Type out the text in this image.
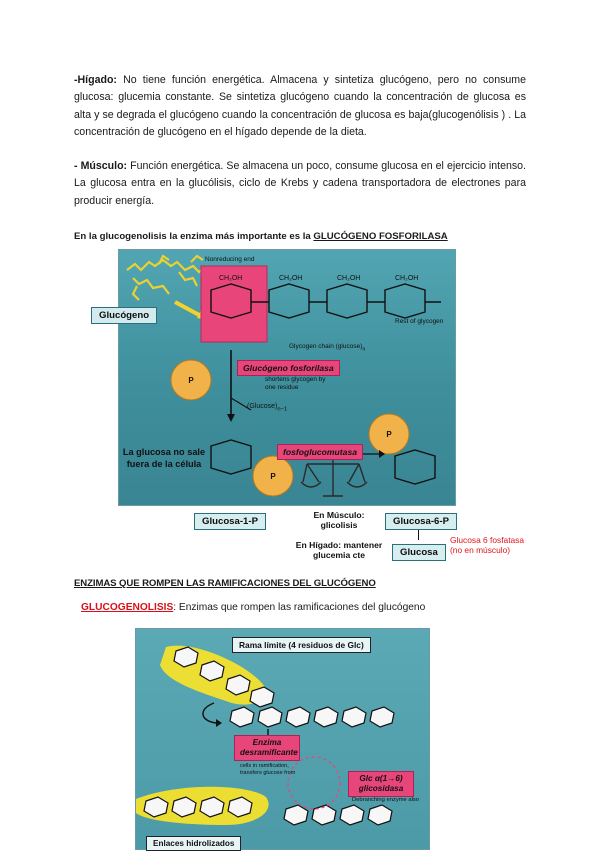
-Hígado: No tiene función energética. Almacena y sintetiza glucógeno, pero no consume glucosa: glucemia constante. Se sintetiza glucógeno cuando la concentración de glucosa es alta y se degrada el glucógeno cuando la concentración de glucosa es baja(glucogenólisis ) . La concentración de glucógeno en el hígado depende de la dieta.
- Músculo: Función energética. Se almacena un poco, consume glucosa en el ejercicio intenso. La glucosa entra en la glucólisis, ciclo de Krebs y cadena transportadora de electrones para producir energía.
En la glucogenolisis la enzima más importante es la GLUCÓGENO FOSFORILASA
CH₂OH	CH₂OH	CH₂OH	CH₂OH
P
P
P
Nonreducing end
Glucógeno
Rest of glycogen
Glycogen chain $(glucose)_n$
Glucógeno fosforilasa
shortens glycogen by one residue
$(Glucose)_{n-1}$
fosfoglucomutasa
La glucosa no sale fuera de la célula
Glucosa-1-P	Glucosa-6-P
En Músculo: glicolisis
En Hígado: mantener glucemia cte	Glucosa
Glucosa 6 fosfatasa
(no en músculo)
ENZIMAS QUE ROMPEN LAS RAMIFICACIONES DEL GLUCÓGENO
GLUCOGENOLISIS: Enzimas que rompen las ramificaciones del glucógeno
Rama límite (4 residuos de Glc)
Enzima desramificante
cells in ramification, transfers glucose from
Glc α(1→6) glicosidasa
Debranching enzyme also
Enlaces hidrolizados
